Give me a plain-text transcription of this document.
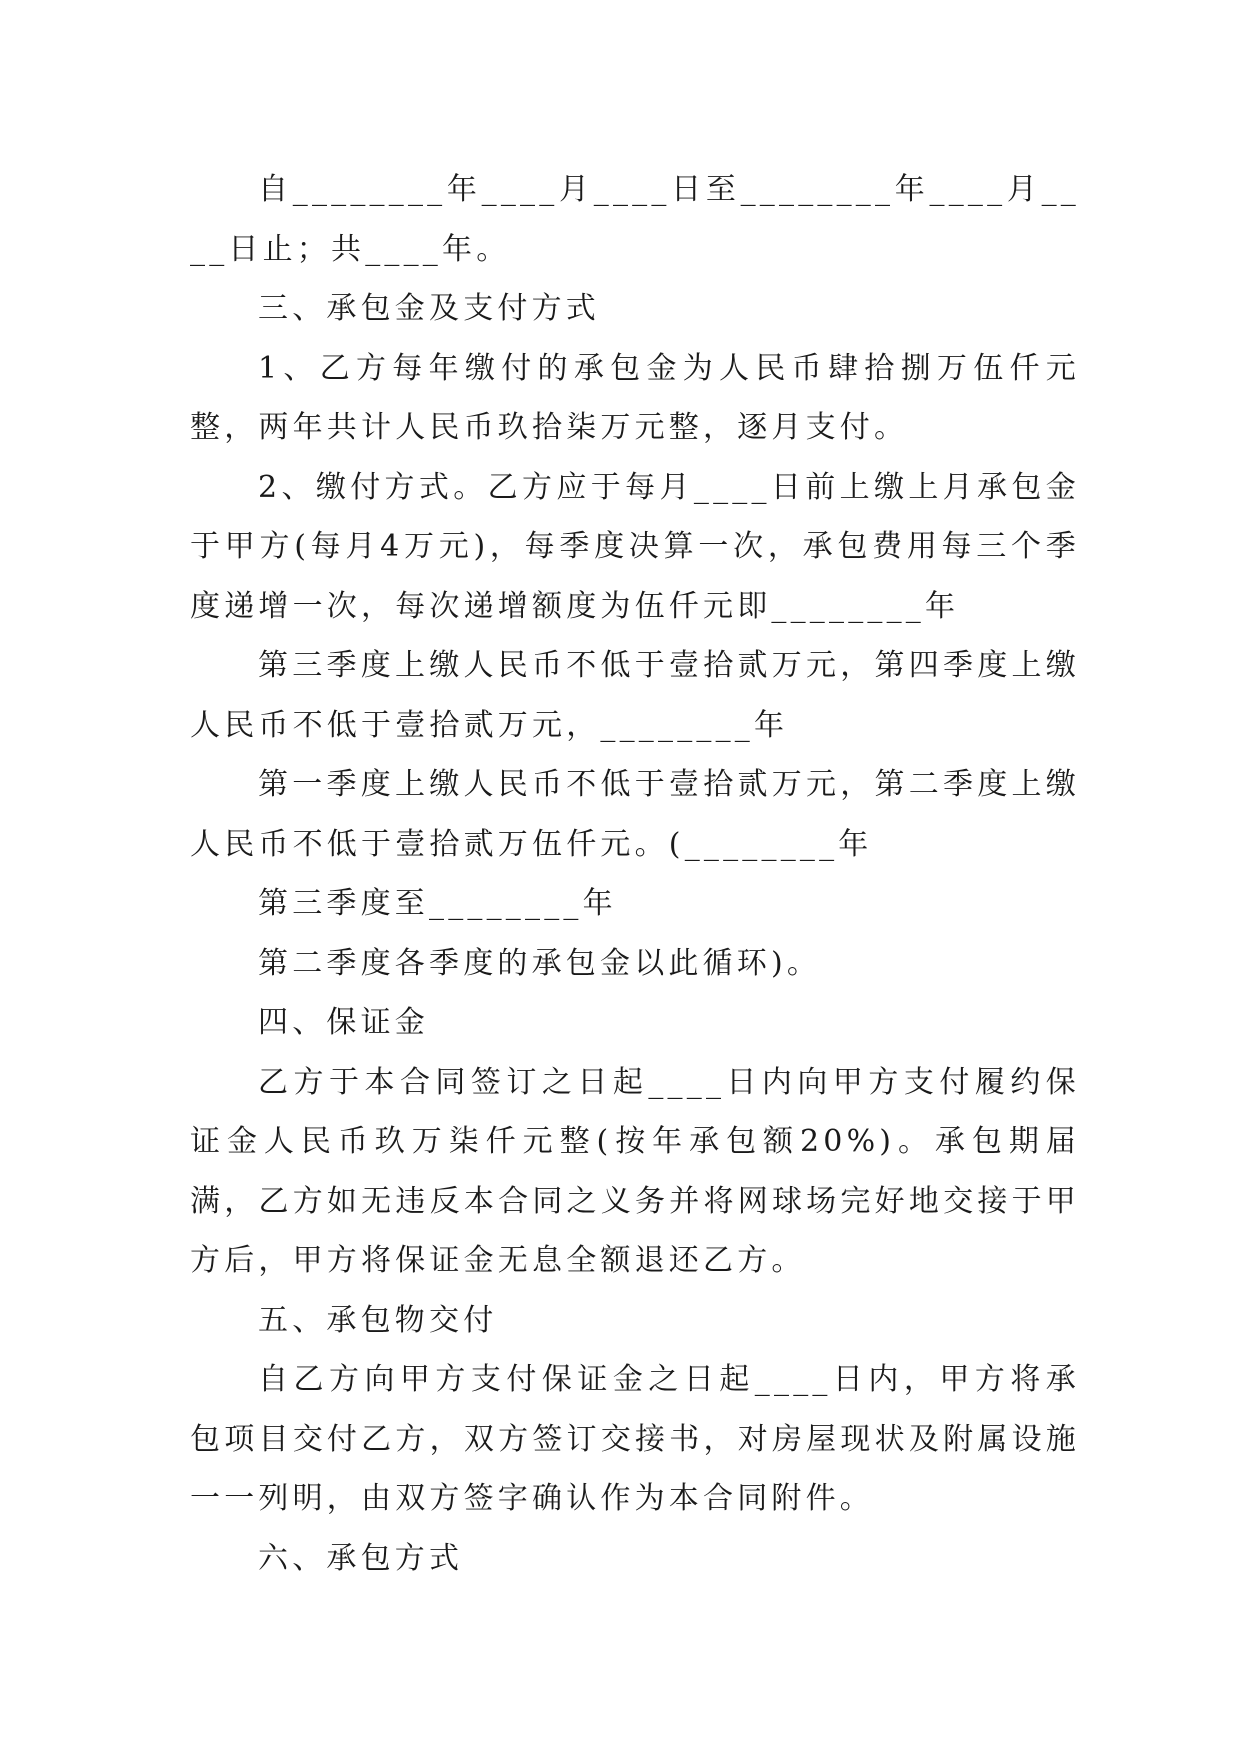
自________年____月____日至________年____月____日止；共____年。

三、承包金及支付方式

1、乙方每年缴付的承包金为人民币肆拾捌万伍仟元整，两年共计人民币玖拾柒万元整，逐月支付。

2、缴付方式。乙方应于每月____日前上缴上月承包金于甲方(每月4万元)，每季度决算一次，承包费用每三个季度递增一次，每次递增额度为伍仟元即________年

第三季度上缴人民币不低于壹拾贰万元，第四季度上缴人民币不低于壹拾贰万元，________年

第一季度上缴人民币不低于壹拾贰万元，第二季度上缴人民币不低于壹拾贰万伍仟元。(________年

第三季度至________年

第二季度各季度的承包金以此循环)。

四、保证金

乙方于本合同签订之日起____日内向甲方支付履约保证金人民币玖万柒仟元整(按年承包额20%)。承包期届满，乙方如无违反本合同之义务并将网球场完好地交接于甲方后，甲方将保证金无息全额退还乙方。

五、承包物交付

自乙方向甲方支付保证金之日起____日内，甲方将承包项目交付乙方，双方签订交接书，对房屋现状及附属设施一一列明，由双方签字确认作为本合同附件。

六、承包方式
